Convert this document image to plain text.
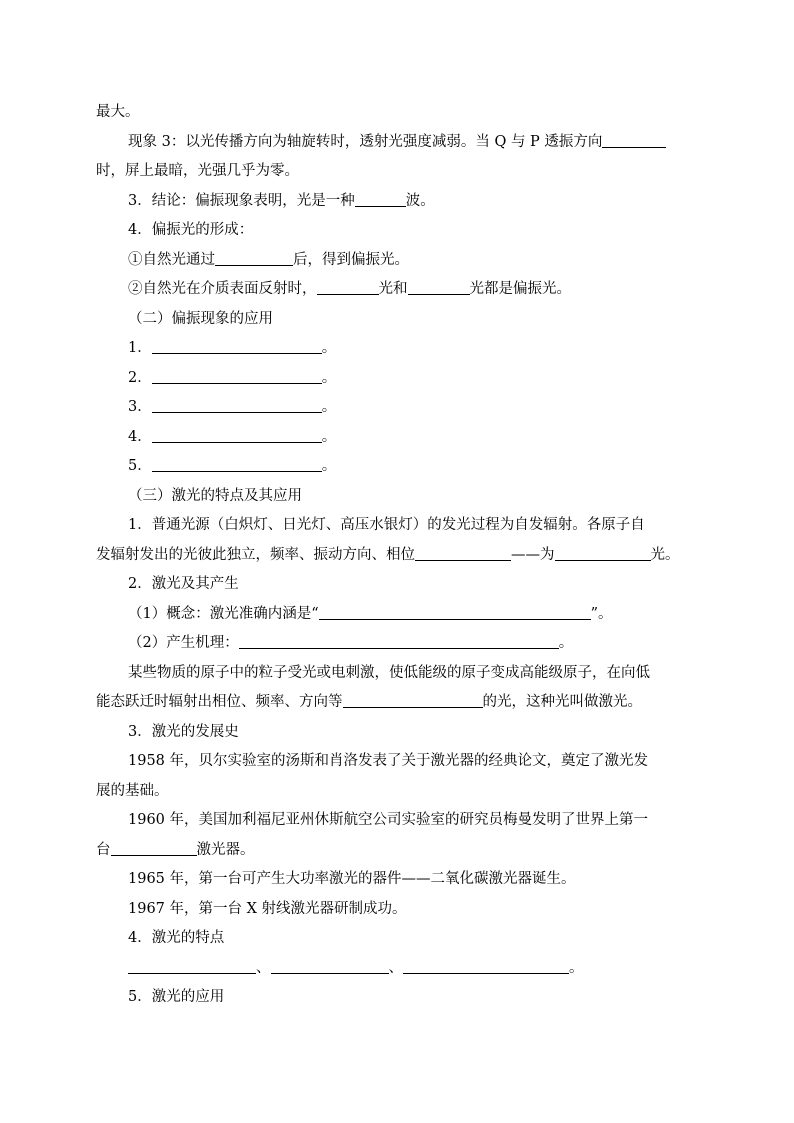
最大。
现象 3：以光传播方向为轴旋转时，透射光强度减弱。当 Q 与 P 透振方向
时，屏上最暗，光强几乎为零。
3．结论：偏振现象表明，光是一种	波。
4．偏振光的形成：
①自然光通过	后，得到偏振光。
②自然光在介质表面反射时，	光和	光都是偏振光。
（二）偏振现象的应用
1．	。
2．	。
3．	。
4．	。
5．	。
（三）激光的特点及其应用
1．普通光源（白炽灯、日光灯、高压水银灯）的发光过程为自发辐射。各原子自
发辐射发出的光彼此独立，频率、振动方向、相位	——为	光。
2．激光及其产生
（1）概念：激光准确内涵是“	”。
（2）产生机理：	。
某些物质的原子中的粒子受光或电刺激，使低能级的原子变成高能级原子，在向低
能态跃迁时辐射出相位、频率、方向等	的光，这种光叫做激光。
3．激光的发展史
1958 年，贝尔实验室的汤斯和肖洛发表了关于激光器的经典论文，奠定了激光发
展的基础。
1960 年，美国加利福尼亚州休斯航空公司实验室的研究员梅曼发明了世界上第一
台	激光器。
1965 年，第一台可产生大功率激光的器件——二氧化碳激光器诞生。
1967 年，第一台 X 射线激光器研制成功。
4．激光的特点
、	、	。
5．激光的应用
